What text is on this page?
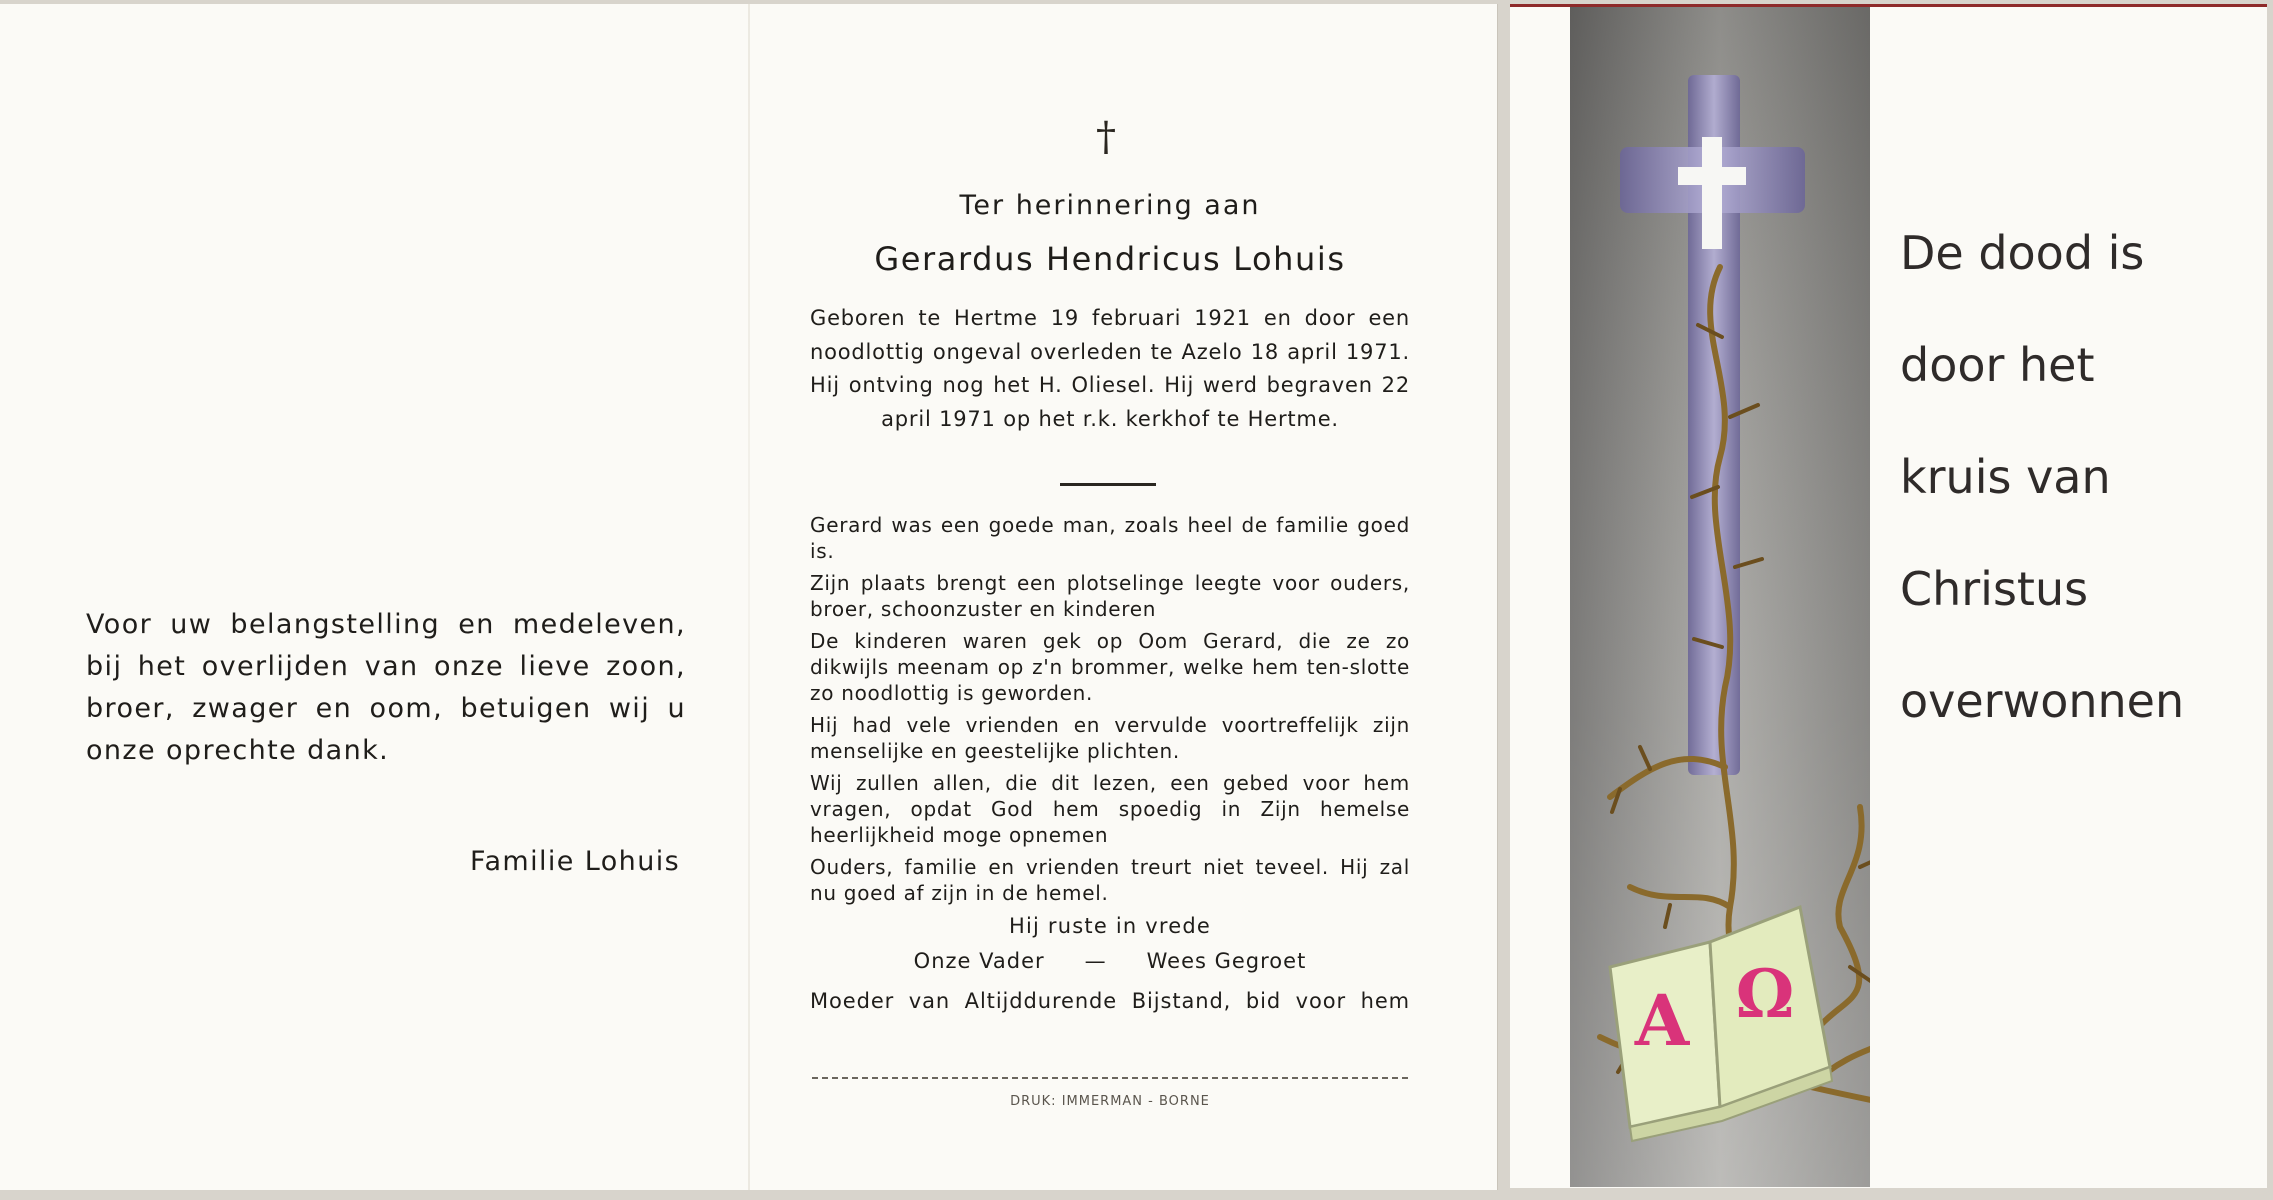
Voor uw belangstelling en medeleven, bij het overlijden van onze lieve zoon, broer, zwager en oom, betuigen wij u onze oprechte dank.
Familie Lohuis
†
Ter herinnering aan
Gerardus Hendricus Lohuis
Geboren te Hertme 19 februari 1921 en door een noodlottig ongeval overleden te Azelo 18 april 1971. Hij ontving nog het H. Oliesel. Hij werd begraven 22 april 1971 op het r.k. kerkhof te Hertme.
Gerard was een goede man, zoals heel de familie goed is.
Zijn plaats brengt een plotselinge leegte voor ouders, broer, schoonzuster en kinderen
De kinderen waren gek op Oom Gerard, die ze zo dikwijls meenam op z'n brommer, welke hem ten-slotte zo noodlottig is geworden.
Hij had vele vrienden en vervulde voortreffelijk zijn menselijke en geestelijke plichten.
Wij zullen allen, die dit lezen, een gebed voor hem vragen, opdat God hem spoedig in Zijn hemelse heerlijkheid moge opnemen
Ouders, familie en vrienden treurt niet teveel. Hij zal nu goed af zijn in de hemel.
Hij ruste in vrede
Onze Vader — Wees Gegroet
Moeder van Altijddurende Bijstand, bid voor hem
DRUK: IMMERMAN - BORNE
A Ω
De dood is
door het
kruis van
Christus
overwonnen
